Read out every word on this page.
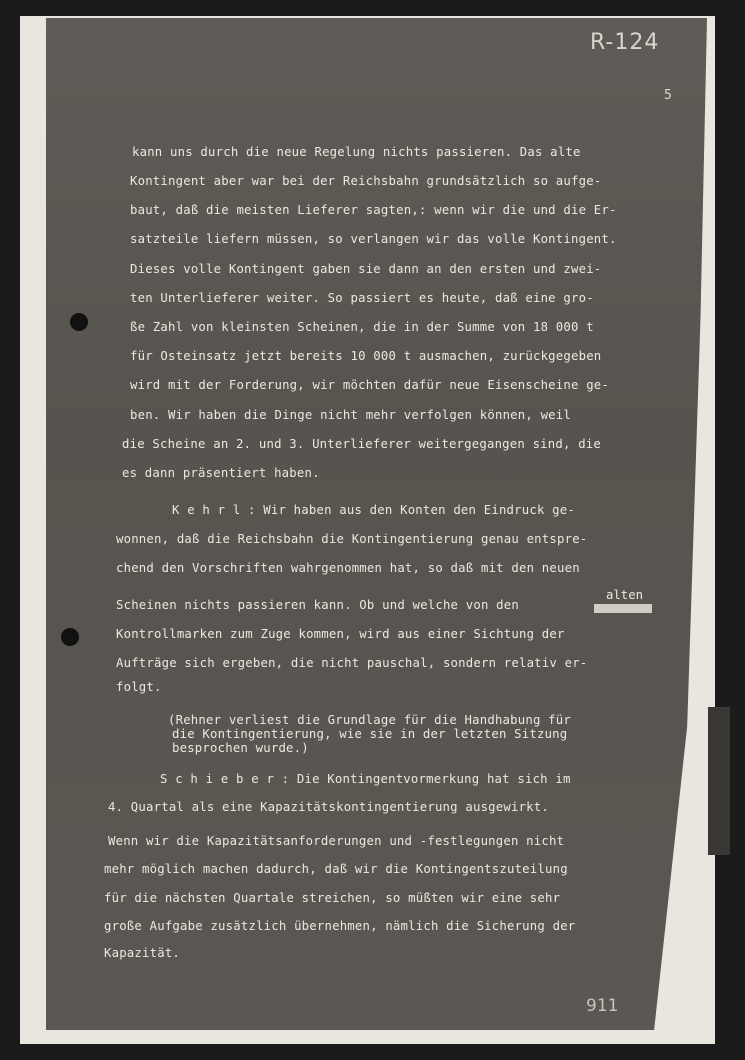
R-124
5
kann uns durch die neue Regelung nichts passieren. Das alte
Kontingent aber war bei der Reichsbahn grundsätzlich so aufge-
baut, daß die meisten Lieferer sagten,: wenn wir die und die Er-
satzteile liefern müssen, so verlangen wir das volle Kontingent.
Dieses volle Kontingent gaben sie dann an den ersten und zwei-
ten Unterlieferer weiter. So passiert es heute, daß eine gro-
ße Zahl von kleinsten Scheinen, die in der Summe von 18 000 t
für Osteinsatz jetzt bereits 10 000 t ausmachen, zurückgegeben
wird mit der Forderung, wir möchten dafür neue Eisenscheine ge-
ben. Wir haben die Dinge nicht mehr verfolgen können, weil
die Scheine an 2. und 3. Unterlieferer weitergegangen sind, die
es dann präsentiert haben.
K e h r l : Wir haben aus den Konten den Eindruck ge-
wonnen, daß die Reichsbahn die Kontingentierung genau entspre-
chend den Vorschriften wahrgenommen hat, so daß mit den neuen
alten
Scheinen nichts passieren kann. Ob und welche von den
Kontrollmarken zum Zuge kommen, wird aus einer Sichtung der
Aufträge sich ergeben, die nicht pauschal, sondern relativ er-
folgt.
(Rehner verliest die Grundlage für die Handhabung für
die Kontingentierung, wie sie in der letzten Sitzung
besprochen wurde.)
S c h i e b e r : Die Kontingentvormerkung hat sich im
4. Quartal als eine Kapazitätskontingentierung ausgewirkt.
Wenn wir die Kapazitätsanforderungen und -festlegungen nicht
mehr möglich machen dadurch, daß wir die Kontingentszuteilung
für die nächsten Quartale streichen, so müßten wir eine sehr
große Aufgabe zusätzlich übernehmen, nämlich die Sicherung der
Kapazität.
911
